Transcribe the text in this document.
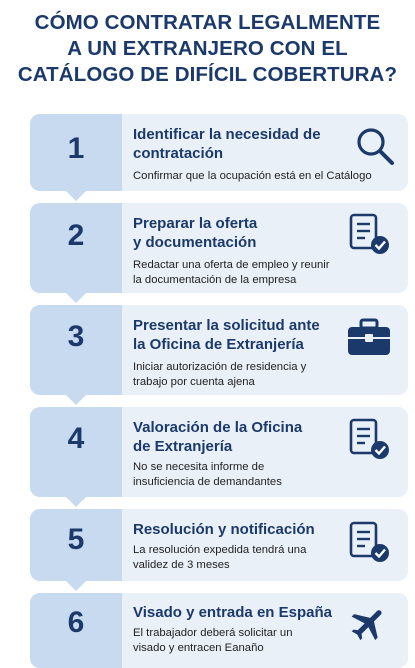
CÓMO CONTRATAR LEGALMENTE
A UN EXTRANJERO CON EL
CATÁLOGO DE DIFÍCIL COBERTURA?
1	Identificar la necesidad de
contratación
Confirmar que la ocupación está en el Catálogo
2	Preparar la oferta
y documentación
Redactar una oferta de empleo y reunir
la documentación de la empresa
3	Presentar la solicitud ante
la Oficina de Extranjería
Iniciar autorización de residencia y
trabajo por cuenta ajena
4	Valoración de la Oficina
de Extranjería
No se necesita informe de
insuficiencia de demandantes
5	Resolución y notificación
La resolución expedida tendrá una
validez de 3 meses
6	Visado y entrada en España
El trabajador deberá solicitar un
visado y entracen Eanaño
